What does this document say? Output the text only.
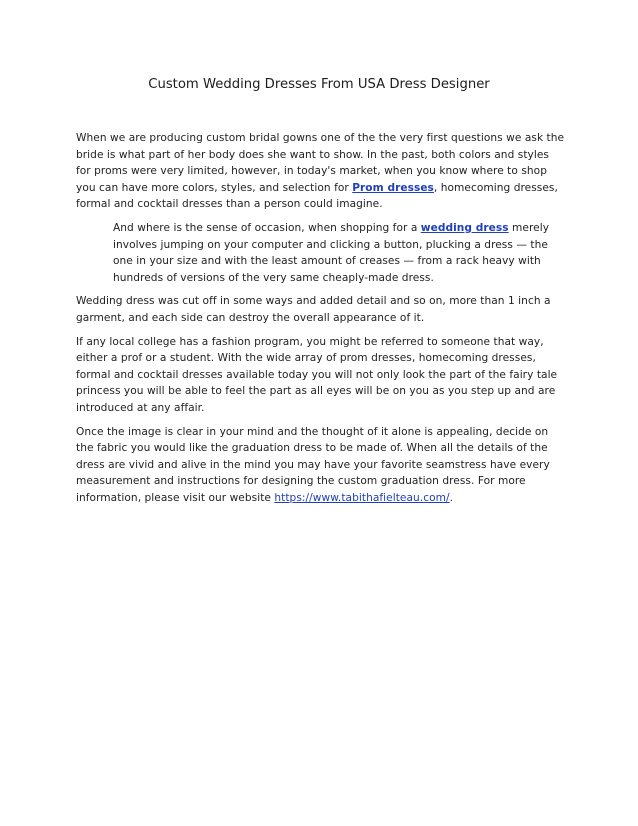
Custom Wedding Dresses From USA Dress Designer

When we are producing custom bridal gowns one of the the very first questions we ask the bride is what part of her body does she want to show. In the past, both colors and styles for proms were very limited, however, in today's market, when you know where to shop you can have more colors, styles, and selection for Prom dresses, homecoming dresses, formal and cocktail dresses than a person could imagine.

And where is the sense of occasion, when shopping for a wedding dress merely involves jumping on your computer and clicking a button, plucking a dress — the one in your size and with the least amount of creases — from a rack heavy with hundreds of versions of the very same cheaply-made dress.

Wedding dress was cut off in some ways and added detail and so on, more than 1 inch a garment, and each side can destroy the overall appearance of it.

If any local college has a fashion program, you might be referred to someone that way, either a prof or a student. With the wide array of prom dresses, homecoming dresses, formal and cocktail dresses available today you will not only look the part of the fairy tale princess you will be able to feel the part as all eyes will be on you as you step up and are introduced at any affair.

Once the image is clear in your mind and the thought of it alone is appealing, decide on the fabric you would like the graduation dress to be made of. When all the details of the dress are vivid and alive in the mind you may have your favorite seamstress have every measurement and instructions for designing the custom graduation dress. For more information, please visit our website https://www.tabithafielteau.com/.
